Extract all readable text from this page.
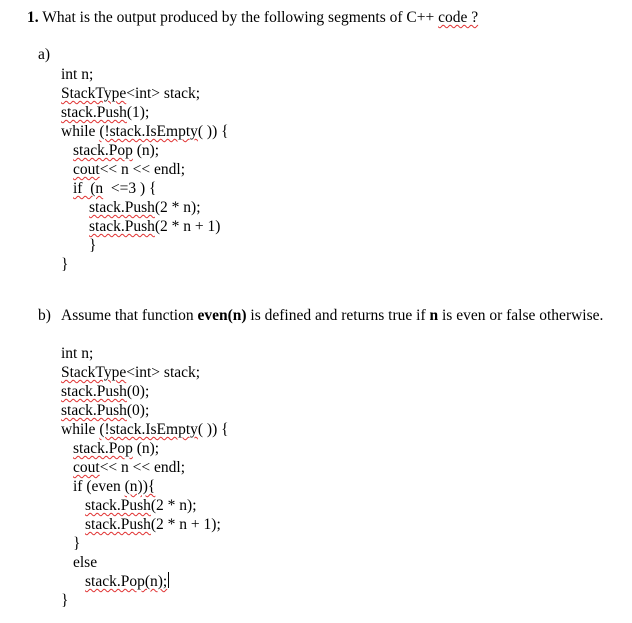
1. What is the output produced by the following segments of C++ code ?
a)
int n;
StackType<int> stack;
stack.Push(1);
while (!stack.IsEmpty( )) {
stack.Pop (n);
cout<< n << endl;
if  (n  <=3 ) {
stack.Push(2 * n);
stack.Push(2 * n + 1)
}
}
b) Assume that function even(n) is defined and returns true if n is even or false otherwise.
int n;
StackType<int> stack;
stack.Push(0);
stack.Push(0);
while (!stack.IsEmpty( )) {
stack.Pop (n);
cout<< n << endl;
if (even (n)){
stack.Push(2 * n);
stack.Push(2 * n + 1);
}
else
stack.Pop(n);
}
